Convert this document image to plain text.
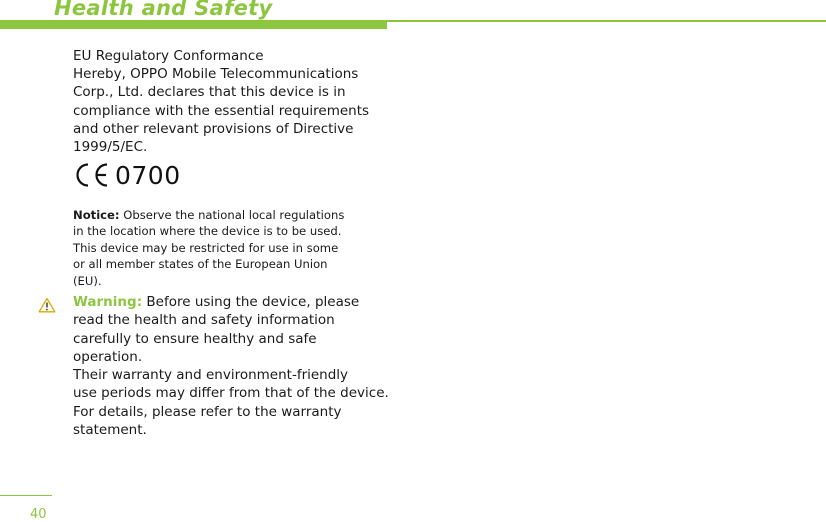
Health and Safety
EU Regulatory Conformance
Hereby, OPPO Mobile Telecommunications
Corp., Ltd. declares that this device is in
compliance with the essential requirements
and other relevant provisions of Directive
1999/5/EC.
0700
Notice: Observe the national local regulations
in the location where the device is to be used.
This device may be restricted for use in some
or all member states of the European Union
(EU).
Warning: Before using the device, please
read the health and safety information
carefully to ensure healthy and safe
operation.
Their warranty and environment-friendly
use periods may differ from that of the device.
For details, please refer to the warranty
statement.
40
